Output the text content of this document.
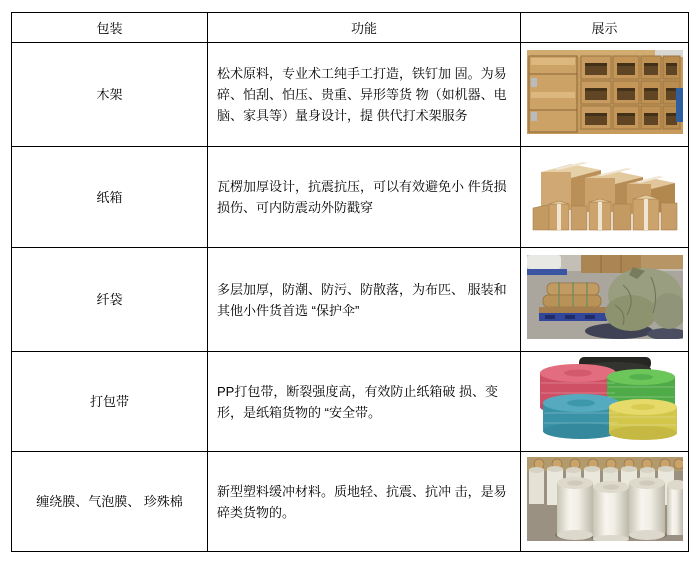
包装	功能	展示
木架	松术原料，专业术工纯手工打造，铁钉加 固。为易碎、怕刮、怕压、贵重、异形等货 物（如机器、电脑、家具等）量身设计，提 供代打术架服务	

纸箱	瓦楞加厚设计，抗震抗压，可以有效避免小 件货损损伤、可内防震动外防戳穿	

纤袋	多层加厚，防潮、防污、防散落，为布匹、 服装和其他小件货首选 “保护伞”	

打包带	PP打包带，断裂强度高，有效防止纸箱破 损、变形，是纸箱货物的 “安全带。	

缠绕膜、气泡膜、 珍殊棉	新型塑料缓冲材料。质地轻、抗震、抗冲 击，是易碎类货物的。	
